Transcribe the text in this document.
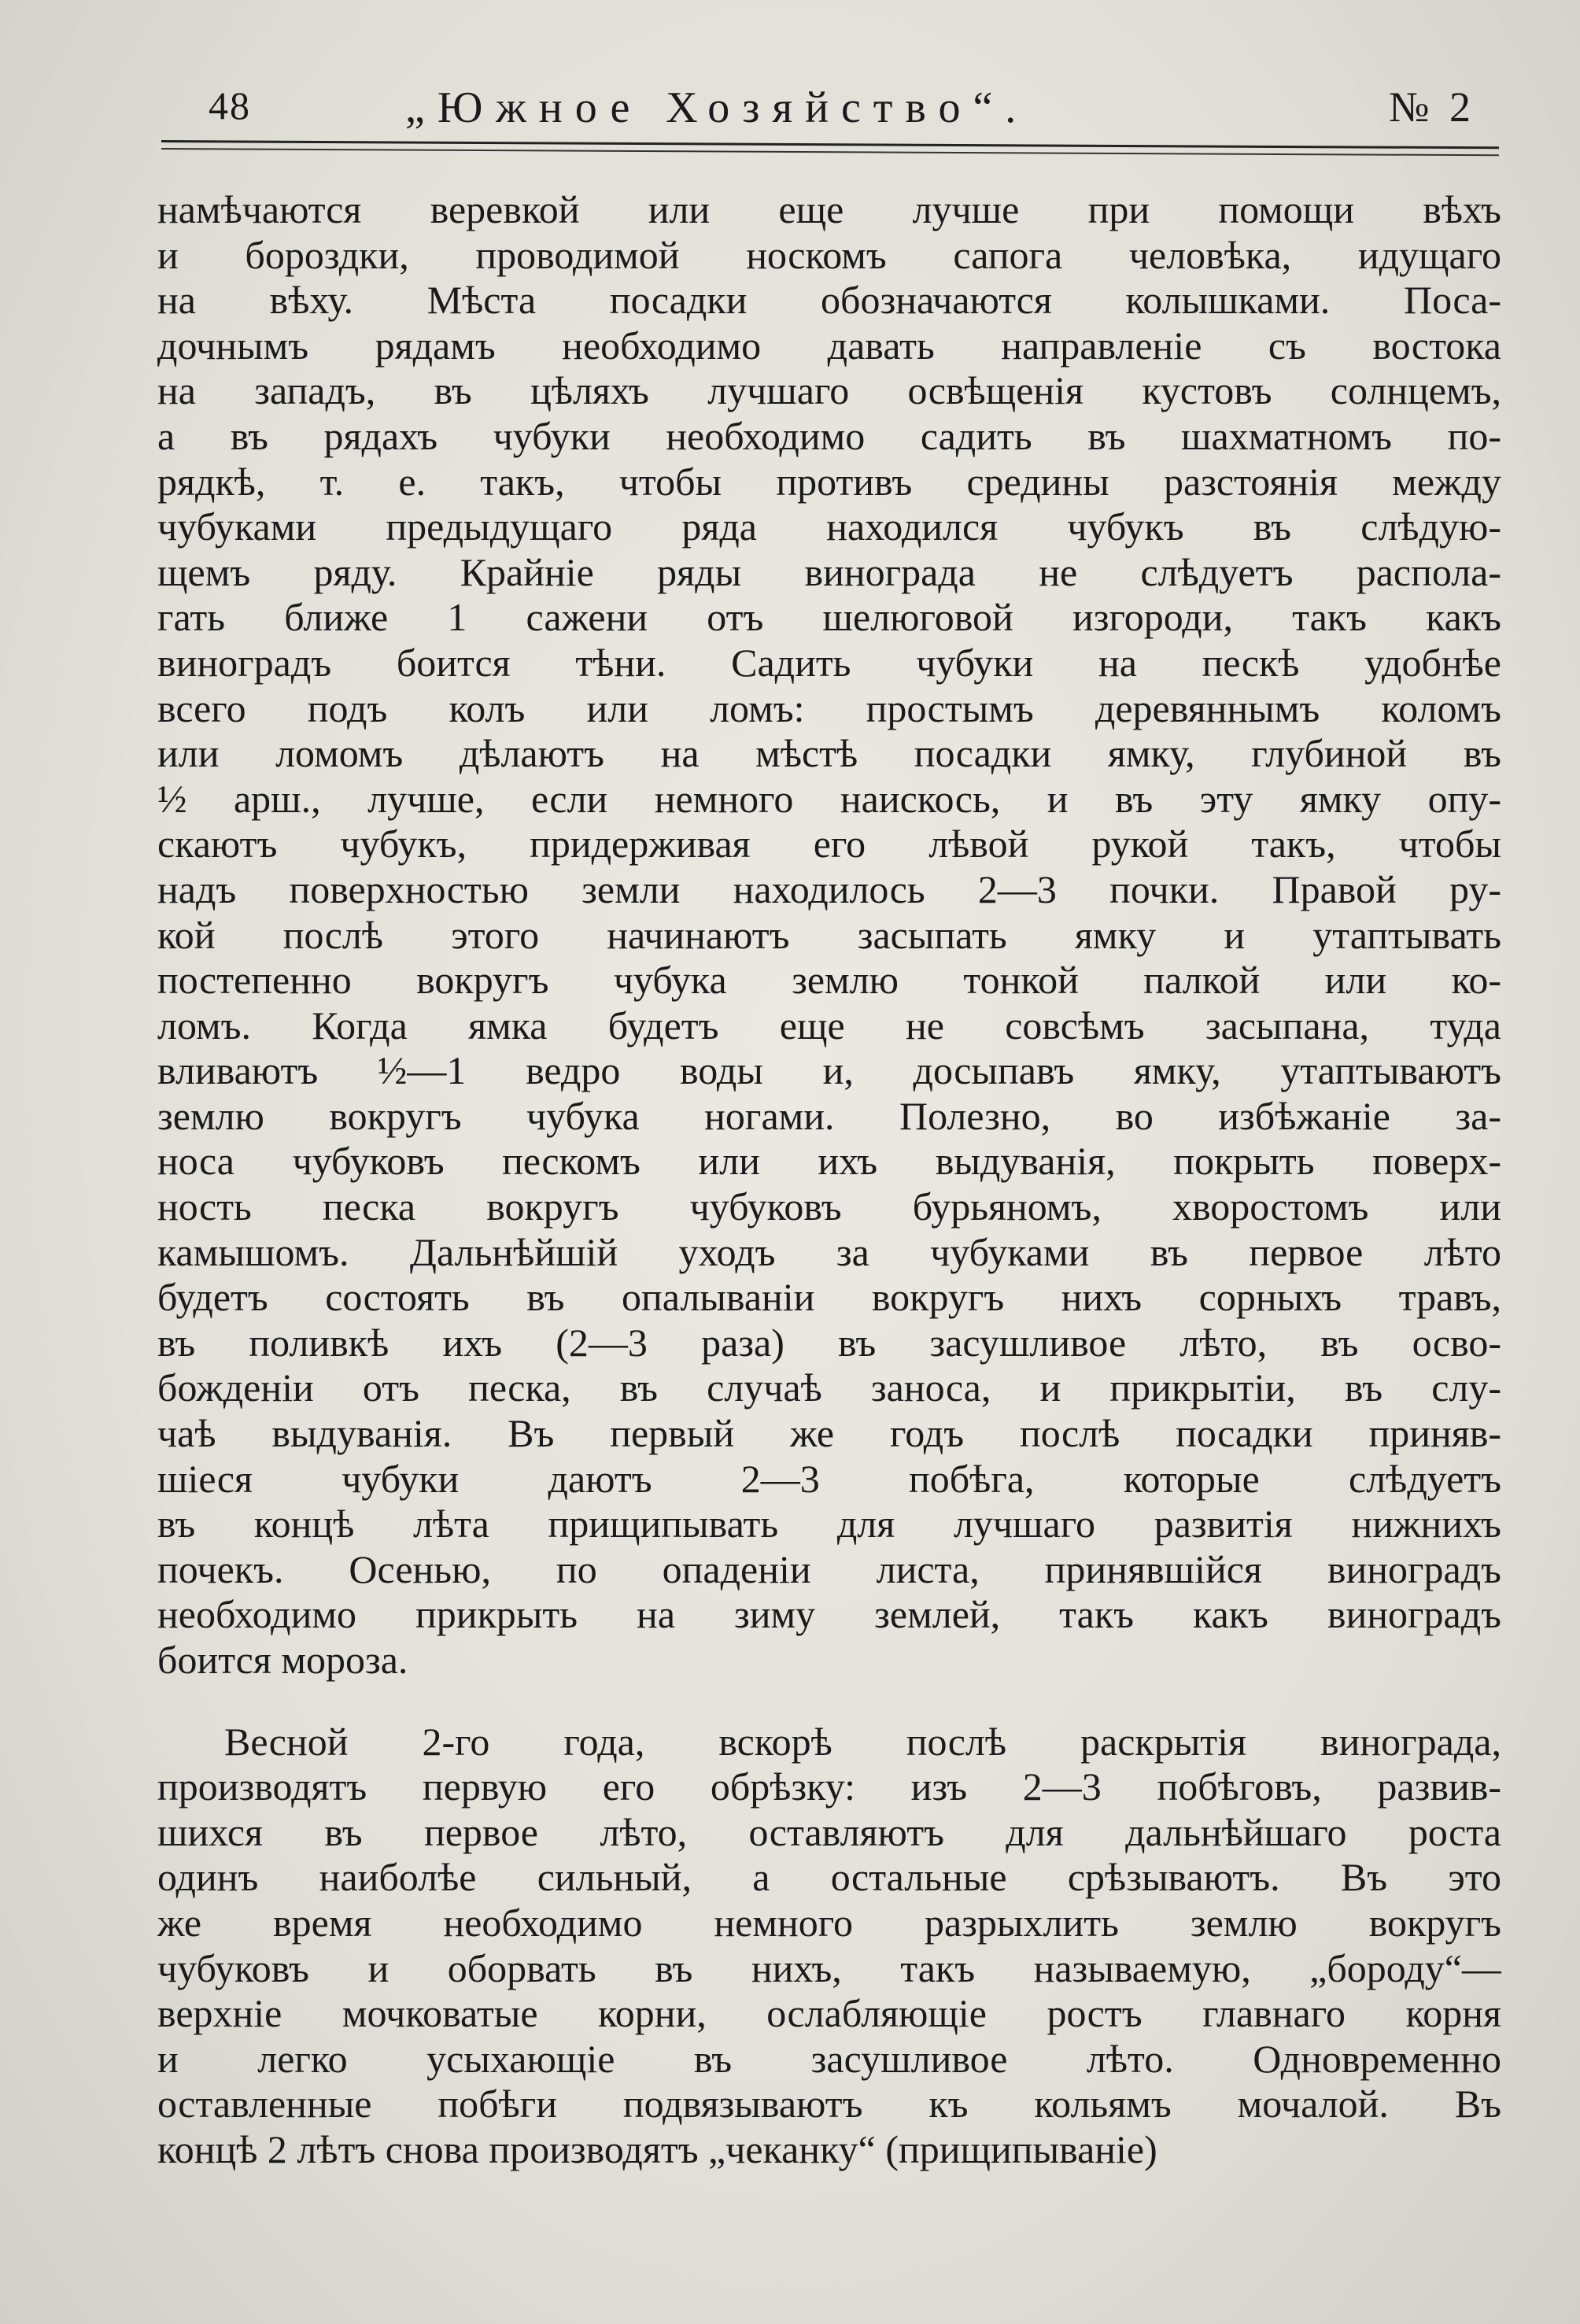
48	„Южное Хозяйство“.	№ 2
намѣчаются веревкой или еще лучше при помощи вѣхъ
и бороздки, проводимой носкомъ сапога человѣка, идущаго
на вѣху. Мѣста посадки обозначаются колышками. Поса-
дочнымъ рядамъ необходимо давать направленіе съ востока
на западъ, въ цѣляхъ лучшаго освѣщенія кустовъ солнцемъ,
а въ рядахъ чубуки необходимо садить въ шахматномъ по-
рядкѣ, т. е. такъ, чтобы противъ средины разстоянія между
чубуками предыдущаго ряда находился чубукъ въ слѣдую-
щемъ ряду. Крайніе ряды винограда не слѣдуетъ распола-
гать ближе 1 сажени отъ шелюговой изгороди, такъ какъ
виноградъ боится тѣни. Садить чубуки на пескѣ удобнѣе
всего подъ колъ или ломъ: простымъ деревяннымъ коломъ
или ломомъ дѣлаютъ на мѣстѣ посадки ямку, глубиной въ
½ арш., лучше, если немного наискось, и въ эту ямку опу-
скаютъ чубукъ, придерживая его лѣвой рукой такъ, чтобы
надъ поверхностью земли находилось 2—3 почки. Правой ру-
кой послѣ этого начинаютъ засыпать ямку и утаптывать
постепенно вокругъ чубука землю тонкой палкой или ко-
ломъ. Когда ямка будетъ еще не совсѣмъ засыпана, туда
вливаютъ ½—1 ведро воды и, досыпавъ ямку, утаптываютъ
землю вокругъ чубука ногами. Полезно, во избѣжаніе за-
носа чубуковъ пескомъ или ихъ выдуванія, покрыть поверх-
ность песка вокругъ чубуковъ бурьяномъ, хворостомъ или
камышомъ. Дальнѣйшій уходъ за чубуками въ первое лѣто
будетъ состоять въ опалываніи вокругъ нихъ сорныхъ травъ,
въ поливкѣ ихъ (2—3 раза) въ засушливое лѣто, въ осво-
божденіи отъ песка, въ случаѣ заноса, и прикрытіи, въ слу-
чаѣ выдуванія. Въ первый же годъ послѣ посадки приняв-
шіеся чубуки даютъ 2—3 побѣга, которые слѣдуетъ
въ концѣ лѣта прищипывать для лучшаго развитія нижнихъ
почекъ. Осенью, по опаденіи листа, принявшійся виноградъ
необходимо прикрыть на зиму землей, такъ какъ виноградъ
боится мороза.
Весной 2-го года, вскорѣ послѣ раскрытія винограда,
производятъ первую его обрѣзку: изъ 2—3 побѣговъ, развив-
шихся въ первое лѣто, оставляютъ для дальнѣйшаго роста
одинъ наиболѣе сильный, а остальные срѣзываютъ. Въ это
же время необходимо немного разрыхлить землю вокругъ
чубуковъ и оборвать въ нихъ, такъ называемую, „бороду“—
верхніе мочковатые корни, ослабляющіе ростъ главнаго корня
и легко усыхающіе въ засушливое лѣто. Одновременно
оставленные побѣги подвязываютъ къ кольямъ мочалой. Въ
концѣ 2 лѣтъ снова производятъ „чеканку“ (прищипываніе)
